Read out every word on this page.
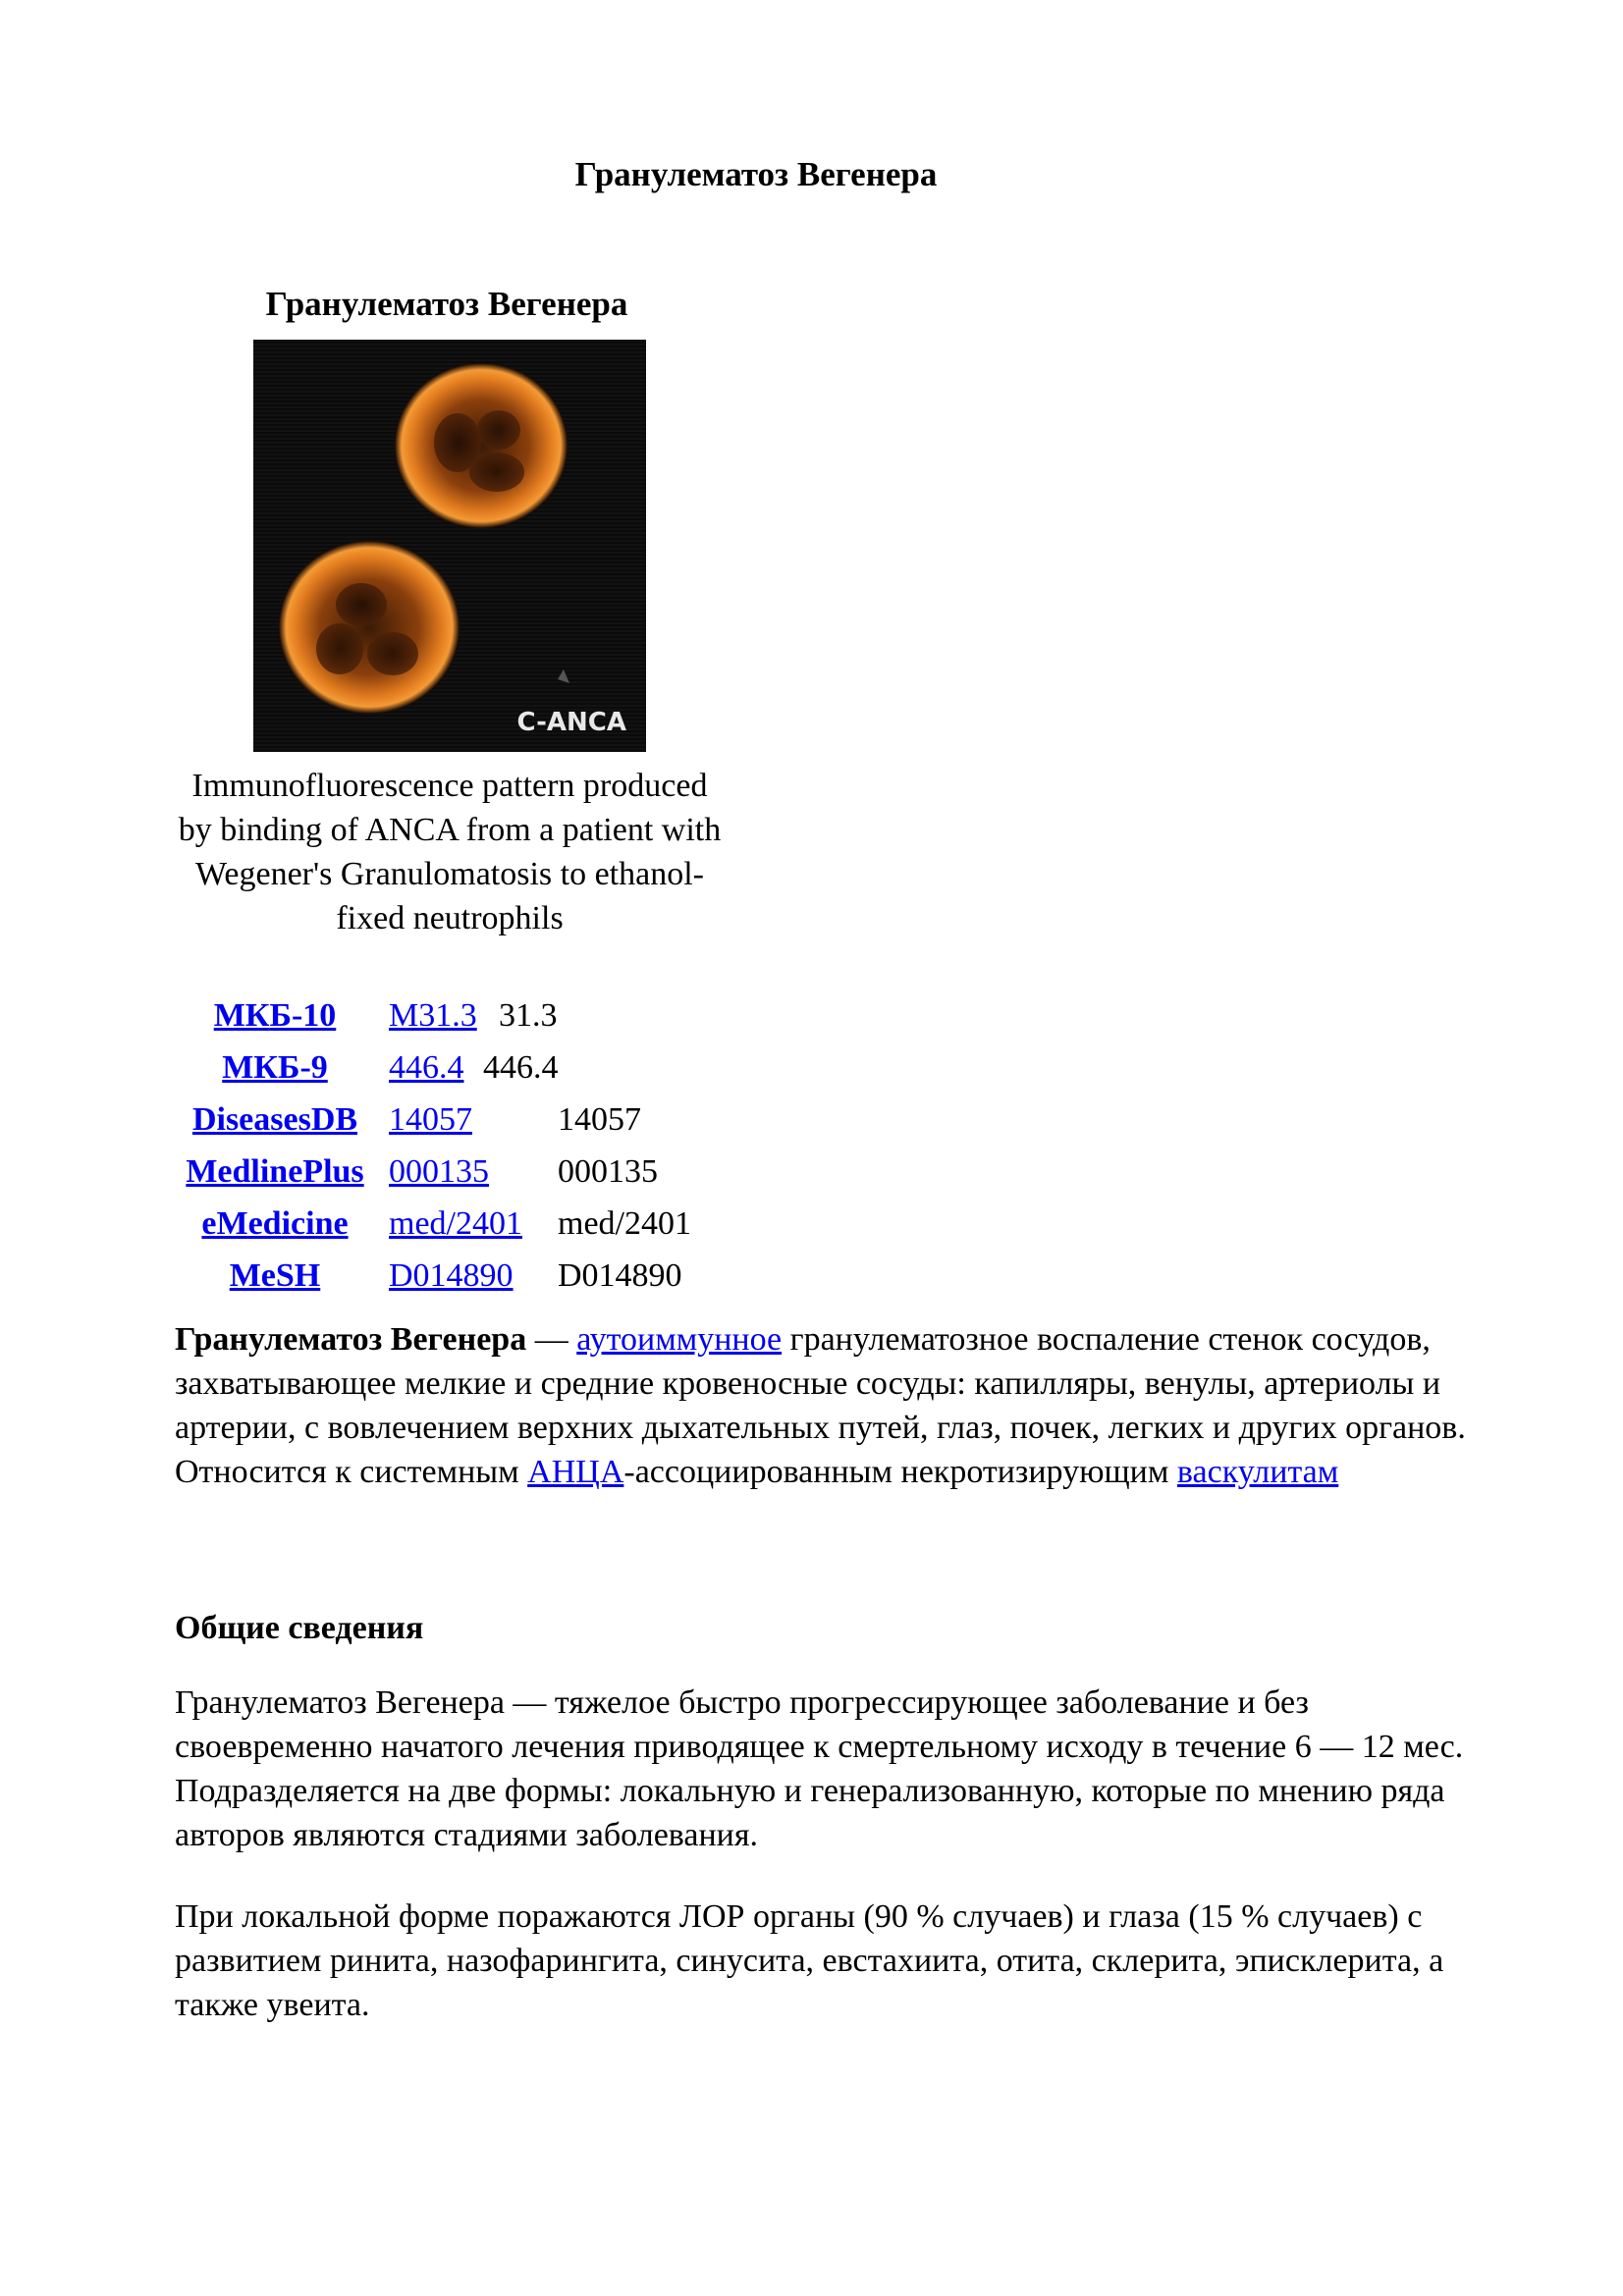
Гранулематоз Вегенера
Гранулематоз Вегенера
C-ANCA
Immunofluorescence pattern produced by binding of ANCA from a patient with Wegener's Granulomatosis to ethanol-fixed neutrophils
МКБ-10	M31.3 31.3
МКБ-9	446.4 446.4
DiseasesDB 14057	14057
MedlinePlus 000135 000135
eMedicine	med/2401 med/2401
MeSH	D014890 D014890

Гранулематоз Вегенера — аутоиммунное гранулематозное воспаление стенок сосудов, захватывающее мелкие и средние кровеносные сосуды: капилляры, венулы, артериолы и артерии, с вовлечением верхних дыхательных путей, глаз, почек, легких и других органов. Относится к системным АНЦА-ассоциированным некротизирующим васкулитам

Общие сведения

Гранулематоз Вегенера — тяжелое быстро прогрессирующее заболевание и без своевременно начатого лечения приводящее к смертельному исходу в течение 6 — 12 мес. Подразделяется на две формы: локальную и генерализованную, которые по мнению ряда авторов являются стадиями заболевания.

При локальной форме поражаются ЛОР органы (90 % случаев) и глаза (15 % случаев) с развитием ринита, назофарингита, синусита, евстахиита, отита, склерита, эписклерита, а также увеита.
